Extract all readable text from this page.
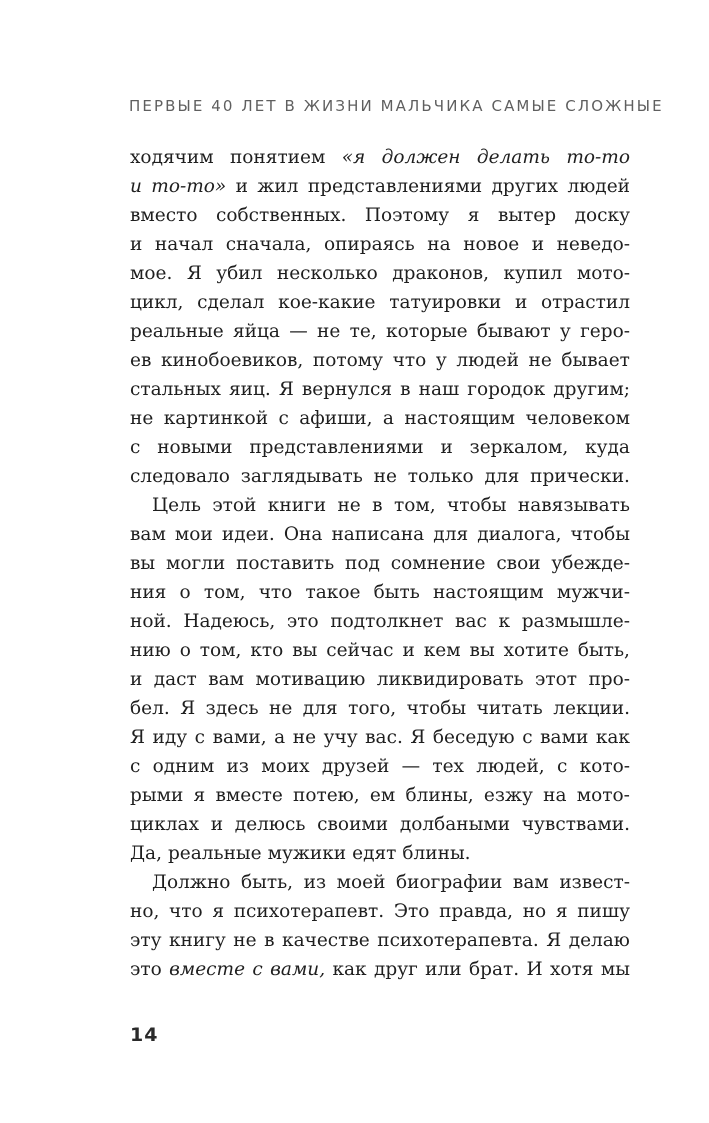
ПЕРВЫЕ 40 ЛЕТ В ЖИЗНИ МАЛЬЧИКА САМЫЕ СЛОЖНЫЕ
ходячим понятием «я должен делать то-то
и то-то» и жил представлениями других людей
вместо собственных. Поэтому я вытер доску
и начал сначала, опираясь на новое и неведо-
мое. Я убил несколько драконов, купил мото-
цикл, сделал кое-какие татуировки и отрастил
реальные яйца — не те, которые бывают у геро-
ев кинобоевиков, потому что у людей не бывает
стальных яиц. Я вернулся в наш городок другим;
не картинкой с афиши, а настоящим человеком
с новыми представлениями и зеркалом, куда
следовало заглядывать не только для прически.
Цель этой книги не в том, чтобы навязывать
вам мои идеи. Она написана для диалога, чтобы
вы могли поставить под сомнение свои убежде-
ния о том, что такое быть настоящим мужчи-
ной. Надеюсь, это подтолкнет вас к размышле-
нию о том, кто вы сейчас и кем вы хотите быть,
и даст вам мотивацию ликвидировать этот про-
бел. Я здесь не для того, чтобы читать лекции.
Я иду с вами, а не учу вас. Я беседую с вами как
с одним из моих друзей — тех людей, с кото-
рыми я вместе потею, ем блины, езжу на мото-
циклах и делюсь своими долбаными чувствами.
Да, реальные мужики едят блины.
Должно быть, из моей биографии вам извест-
но, что я психотерапевт. Это правда, но я пишу
эту книгу не в качестве психотерапевта. Я делаю
это вместе с вами, как друг или брат. И хотя мы
14
